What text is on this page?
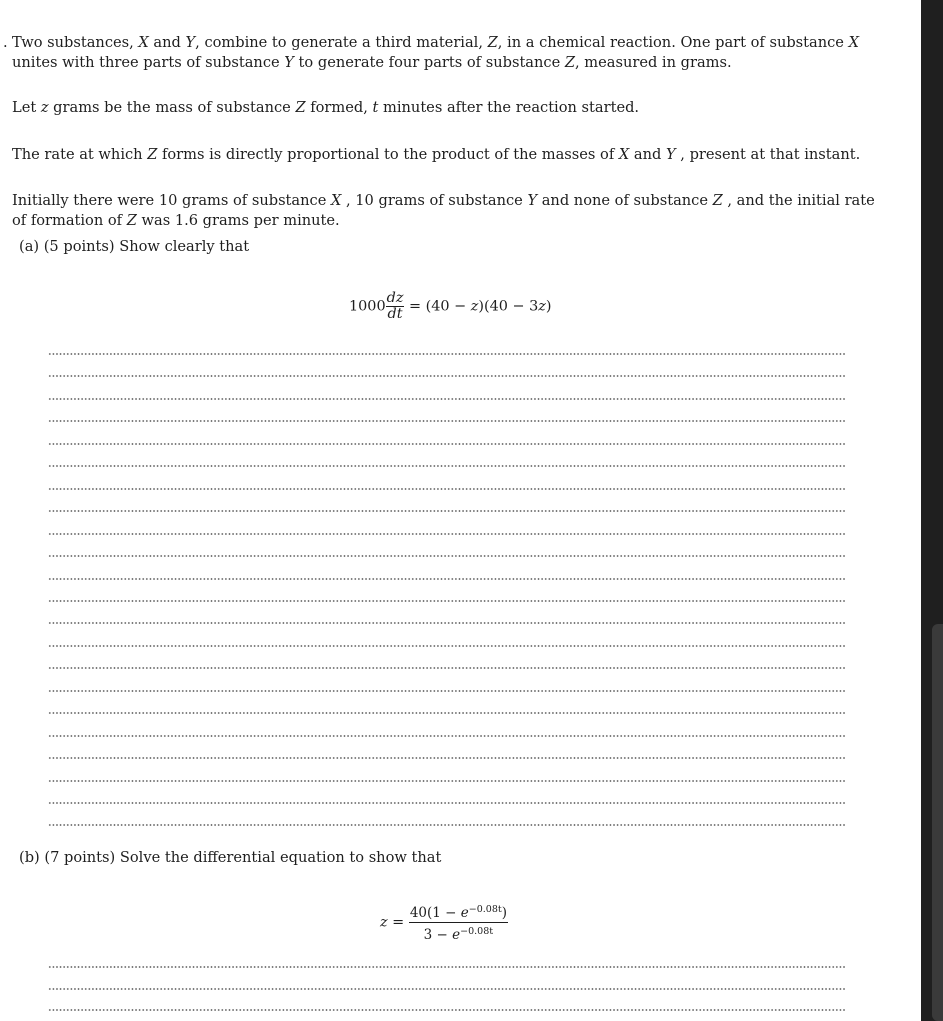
. Two substances, X and Y, combine to generate a third material, Z, in a chemical reaction. One part of substance X
unites with three parts of substance Y to generate four parts of substance Z, measured in grams.
Let z grams be the mass of substance Z formed, t minutes after the reaction started.
The rate at which Z forms is directly proportional to the product of the masses of X and Y , present at that instant.
Initially there were 10 grams of substance X , 10 grams of substance Y and none of substance Z , and the initial rate
of formation of Z was 1.6 grams per minute.
(a) (5 points) Show clearly that
$1000 \frac{dz}{dt} = (40 - z)(40 - 3z)$
(b) (7 points) Solve the differential equation to show that
$z = \frac{40(1 - e^{-0.08t})}{3 - e^{-0.08t}}$
